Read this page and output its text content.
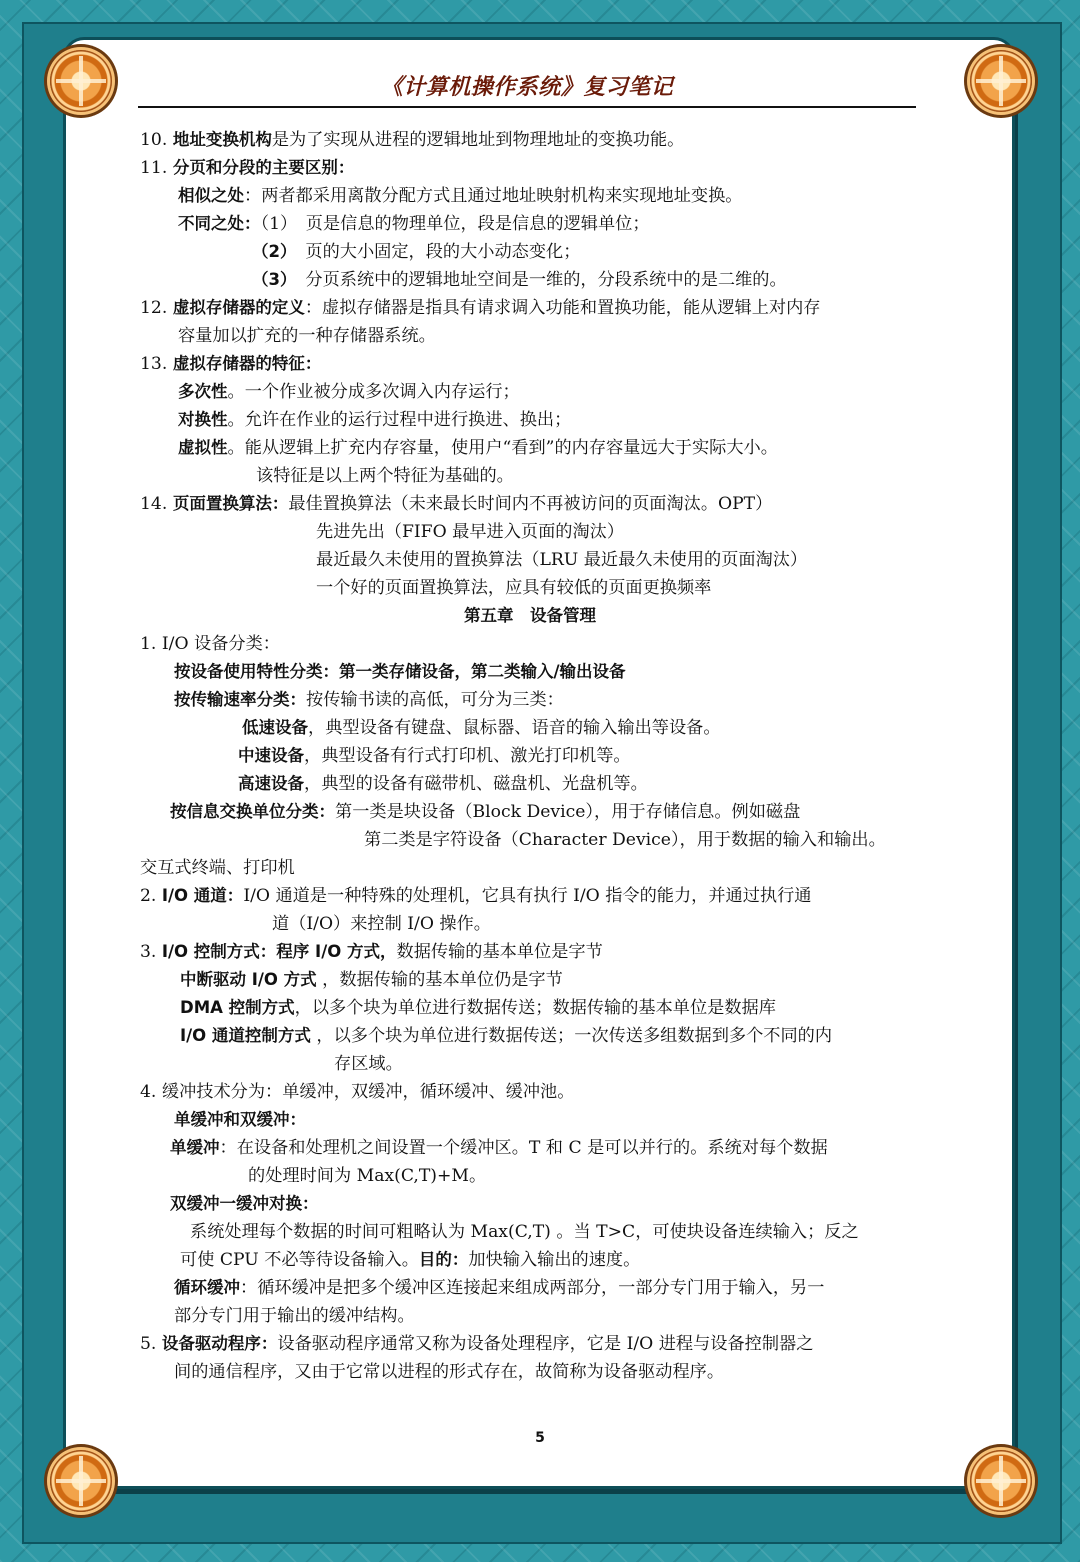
《计算机操作系统》复习笔记
10. 地址变换机构是为了实现从进程的逻辑地址到物理地址的变换功能。
11. 分页和分段的主要区别：
相似之处：两者都采用离散分配方式且通过地址映射机构来实现地址变换。
不同之处：（1）　页是信息的物理单位，段是信息的逻辑单位；
（2）　页的大小固定，段的大小动态变化；
（3）　分页系统中的逻辑地址空间是一维的，分段系统中的是二维的。
12. 虚拟存储器的定义：虚拟存储器是指具有请求调入功能和置换功能，能从逻辑上对内存
容量加以扩充的一种存储器系统。
13. 虚拟存储器的特征：
多次性。一个作业被分成多次调入内存运行；
对换性。允许在作业的运行过程中进行换进、换出；
虚拟性。能从逻辑上扩充内存容量，使用户“看到”的内存容量远大于实际大小。
该特征是以上两个特征为基础的。
14. 页面置换算法：最佳置换算法（未来最长时间内不再被访问的页面淘汰。OPT）
先进先出（FIFO 最早进入页面的淘汰）
最近最久未使用的置换算法（LRU 最近最久未使用的页面淘汰）
一个好的页面置换算法，应具有较低的页面更换频率
第五章　设备管理
1. I/O 设备分类：
按设备使用特性分类：第一类存储设备，第二类输入/输出设备
按传输速率分类：按传输书读的高低，可分为三类：
低速设备，典型设备有键盘、鼠标器、语音的输入输出等设备。
中速设备，典型设备有行式打印机、激光打印机等。
高速设备，典型的设备有磁带机、磁盘机、光盘机等。
按信息交换单位分类：第一类是块设备（Block Device），用于存储信息。例如磁盘
第二类是字符设备（Character Device），用于数据的输入和输出。
交互式终端、打印机
2. I/O 通道：I/O 通道是一种特殊的处理机，它具有执行 I/O 指令的能力，并通过执行通
道（I/O）来控制 I/O 操作。
3. I/O 控制方式：程序 I/O 方式，数据传输的基本单位是字节
中断驱动 I/O 方式 ，数据传输的基本单位仍是字节
DMA 控制方式，以多个块为单位进行数据传送；数据传输的基本单位是数据库
I/O 通道控制方式 ，以多个块为单位进行数据传送；一次传送多组数据到多个不同的内
存区域。
4. 缓冲技术分为：单缓冲，双缓冲，循环缓冲、缓冲池。
单缓冲和双缓冲：
单缓冲：在设备和处理机之间设置一个缓冲区。T 和 C 是可以并行的。系统对每个数据
的处理时间为 Max(C,T)+M。
双缓冲一缓冲对换：
系统处理每个数据的时间可粗略认为 Max(C,T) 。当 T>C，可使块设备连续输入；反之
可使 CPU 不必等待设备输入。目的：加快输入输出的速度。
循环缓冲：循环缓冲是把多个缓冲区连接起来组成两部分，一部分专门用于输入，另一
部分专门用于输出的缓冲结构。
5. 设备驱动程序：设备驱动程序通常又称为设备处理程序，它是 I/O 进程与设备控制器之
间的通信程序，又由于它常以进程的形式存在，故简称为设备驱动程序。
5
